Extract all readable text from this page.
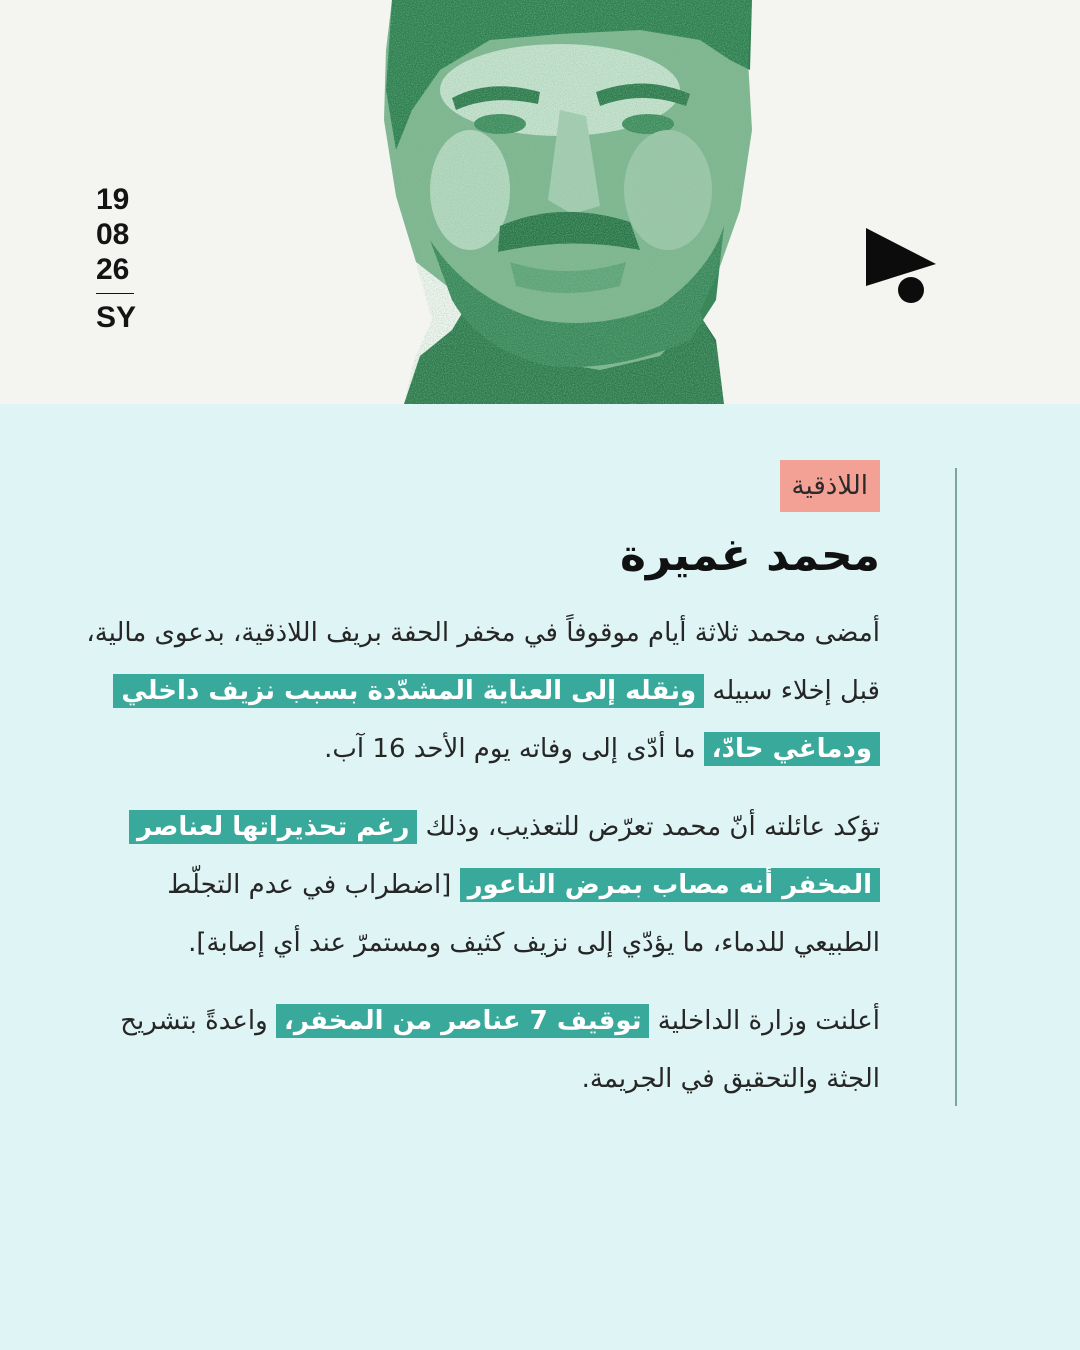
19
08
26
SY
اللاذقية
محمد غميرة

أمضى محمد ثلاثة أيام موقوفاً في مخفر الحفة بريف اللاذقية، بدعوى مالية، قبل إخلاء سبيله ونقله إلى العناية المشدّدة بسبب نزيف داخلي ودماغي حادّ، ما أدّى إلى وفاته يوم الأحد 16 آب.

تؤكد عائلته أنّ محمد تعرّض للتعذيب، وذلك رغم تحذيراتها لعناصر المخفر أنه مصاب بمرض الناعور [اضطراب في عدم التجلّط الطبيعي للدماء، ما يؤدّي إلى نزيف كثيف ومستمرّ عند أي إصابة].

أعلنت وزارة الداخلية توقيف 7 عناصر من المخفر، واعدةً بتشريح الجثة والتحقيق في الجريمة.
